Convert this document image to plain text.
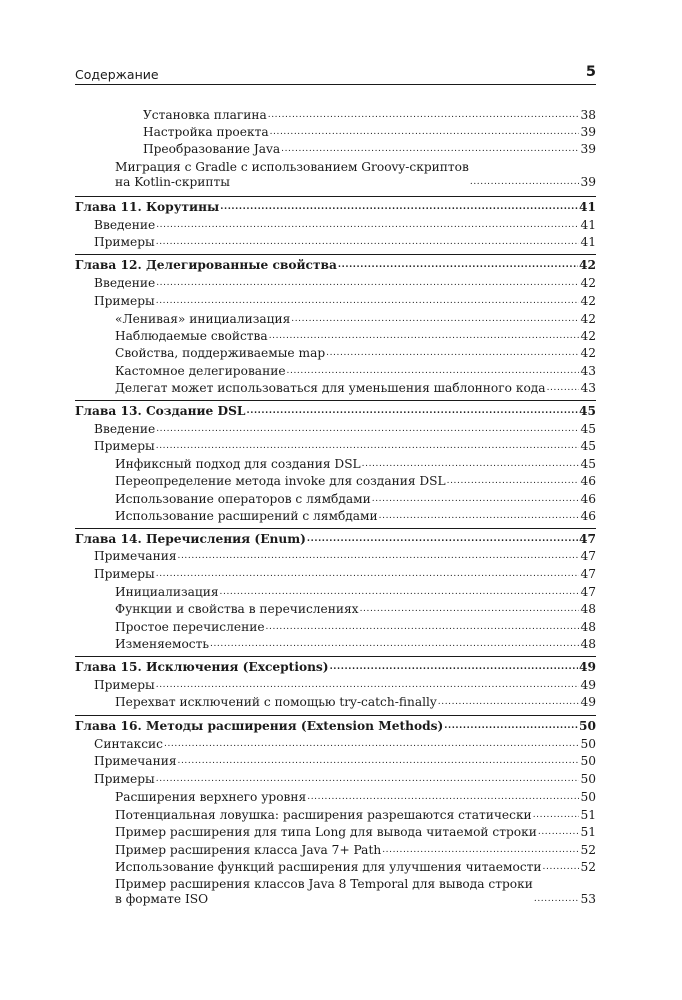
Содержание	5
Установка плагина .....	38
Настройка проекта .....	39
Преобразование Java .....	39
Миграция с Gradle с использованием Groovy-скриптов
на Kotlin-скрипты .....	39
Глава 11. Корутины .....	41
Введение .....	41
Примеры .....	41
Глава 12. Делегированные свойства .....	42
Введение .....	42
Примеры .....	42
«Ленивая» инициализация .....	42
Наблюдаемые свойства .....	42
Свойства, поддерживаемые map .....	42
Кастомное делегирование .....	43
Делегат может использоваться для уменьшения шаблонного кода .....	43
Глава 13. Создание DSL .....	45
Введение .....	45
Примеры .....	45
Инфиксный подход для создания DSL .....	45
Переопределение метода invoke для создания DSL .....	46
Использование операторов с лямбдами .....	46
Использование расширений с лямбдами .....	46
Глава 14. Перечисления (Enum) .....	47
Примечания .....	47
Примеры .....	47
Инициализация .....	47
Функции и свойства в перечислениях .....	48
Простое перечисление .....	48
Изменяемость .....	48
Глава 15. Исключения (Exceptions) .....	49
Примеры .....	49
Перехват исключений с помощью try-catch-finally .....	49
Глава 16. Методы расширения (Extension Methods) .....	50
Синтаксис .....	50
Примечания .....	50
Примеры .....	50
Расширения верхнего уровня .....	50
Потенциальная ловушка: расширения разрешаются статически .....	51
Пример расширения для типа Long для вывода читаемой строки .....	51
Пример расширения класса Java 7+ Path .....	52
Использование функций расширения для улучшения читаемости .....	52
Пример расширения классов Java 8 Temporal для вывода строки
в формате ISO .....	53
